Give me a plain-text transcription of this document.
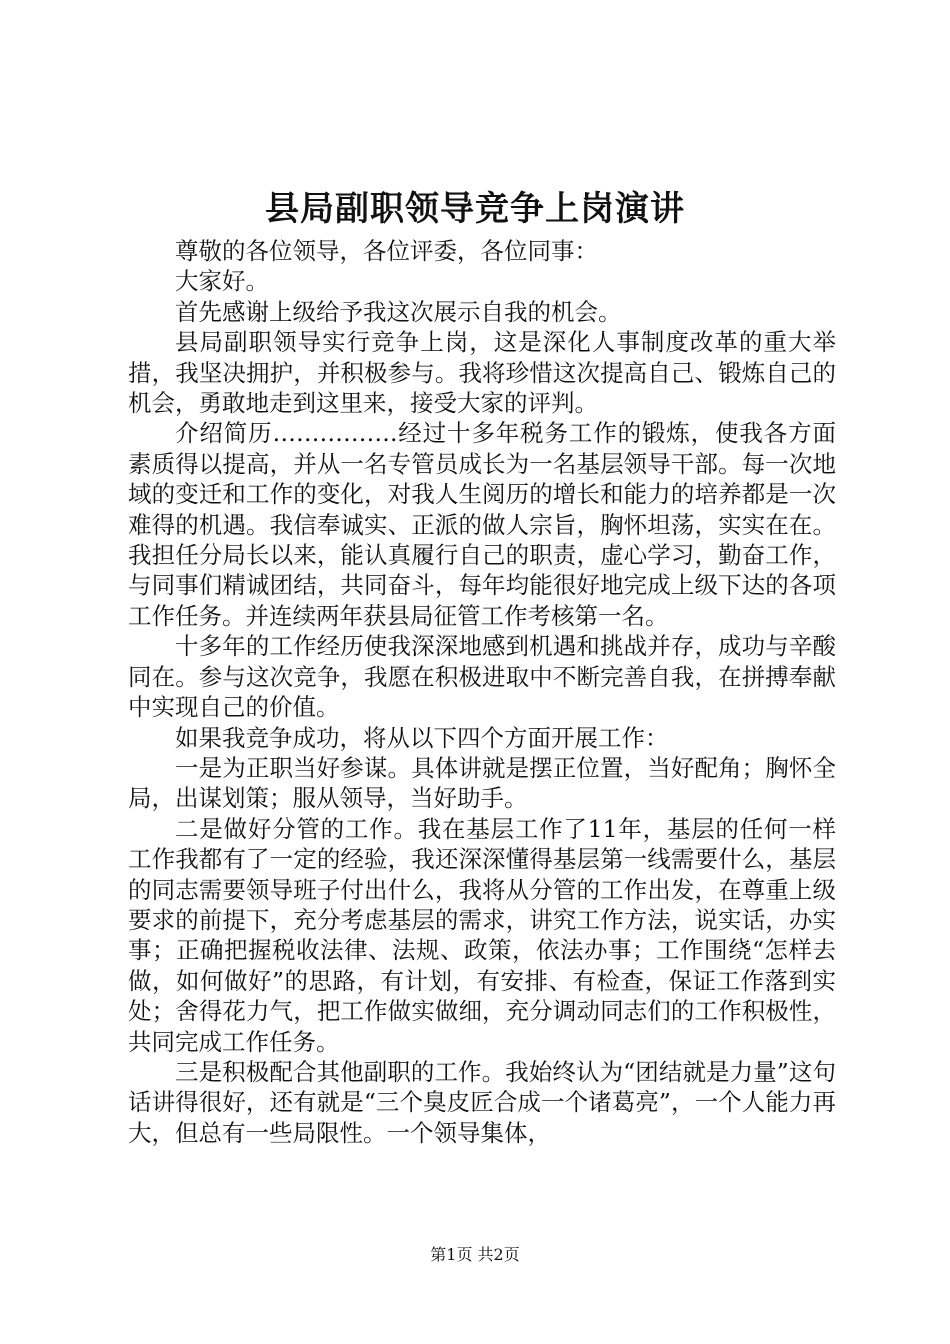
县局副职领导竞争上岗演讲

尊敬的各位领导，各位评委，各位同事：

大家好。

首先感谢上级给予我这次展示自我的机会。

县局副职领导实行竞争上岗，这是深化人事制度改革的重大举措，我坚决拥护，并积极参与。我将珍惜这次提高自己、锻炼自己的机会，勇敢地走到这里来，接受大家的评判。

介绍简历…………….经过十多年税务工作的锻炼，使我各方面素质得以提高，并从一名专管员成长为一名基层领导干部。每一次地域的变迁和工作的变化，对我人生阅历的增长和能力的培养都是一次难得的机遇。我信奉诚实、正派的做人宗旨，胸怀坦荡，实实在在。我担任分局长以来，能认真履行自己的职责，虚心学习，勤奋工作，与同事们精诚团结，共同奋斗，每年均能很好地完成上级下达的各项工作任务。并连续两年获县局征管工作考核第一名。

十多年的工作经历使我深深地感到机遇和挑战并存，成功与辛酸同在。参与这次竞争，我愿在积极进取中不断完善自我，在拼搏奉献中实现自己的价值。

如果我竞争成功，将从以下四个方面开展工作：

一是为正职当好参谋。具体讲就是摆正位置，当好配角；胸怀全局，出谋划策；服从领导，当好助手。

二是做好分管的工作。我在基层工作了11年，基层的任何一样工作我都有了一定的经验，我还深深懂得基层第一线需要什么，基层的同志需要领导班子付出什么，我将从分管的工作出发，在尊重上级要求的前提下，充分考虑基层的需求，讲究工作方法，说实话，办实事；正确把握税收法律、法规、政策，依法办事；工作围绕“怎样去做，如何做好”的思路，有计划，有安排、有检查，保证工作落到实处；舍得花力气，把工作做实做细，充分调动同志们的工作积极性，共同完成工作任务。

三是积极配合其他副职的工作。我始终认为“团结就是力量”这句话讲得很好，还有就是“三个臭皮匠合成一个诸葛亮”，一个人能力再大，但总有一些局限性。一个领导集体，

第1页 共2页
